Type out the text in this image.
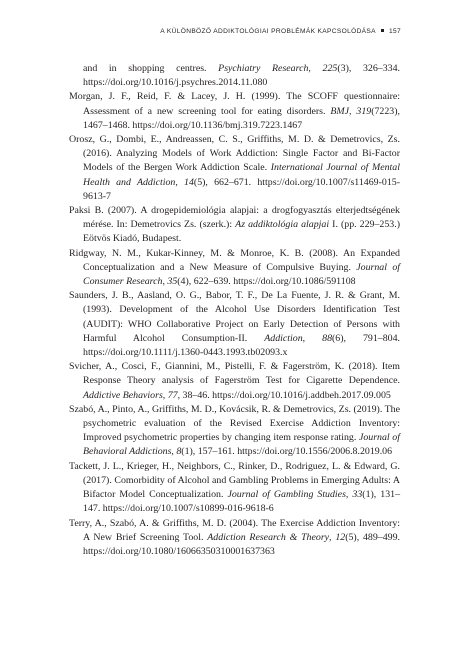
A KÜLÖNBÖZŐ ADDIKTOLÓGIAI PROBLÉMÁK KAPCSOLÓDÁSA 157

and in shopping centres. Psychiatry Research, 225(3), 326–334. https://doi.org/10.1016/j.psychres.2014.11.080

Morgan, J. F., Reid, F. & Lacey, J. H. (1999). The SCOFF questionnaire: Assessment of a new screening tool for eating disorders. BMJ, 319(7223), 1467–1468. https://doi.org/10.1136/bmj.319.7223.1467

Orosz, G., Dombi, E., Andreassen, C. S., Griffiths, M. D. & Demetrovics, Zs. (2016). Analyzing Models of Work Addiction: Single Factor and Bi-Factor Models of the Bergen Work Addiction Scale. International Journal of Mental Health and Addiction, 14(5), 662–671. https://doi.org/10.1007/s11469-015-9613-7

Paksi B. (2007). A drogepidemiológia alapjai: a drogfogyasztás elterjedtségének mérése. In: Demetrovics Zs. (szerk.): Az addiktológia alapjai I. (pp. 229–253.) Eötvös Kiadó, Budapest.

Ridgway, N. M., Kukar-Kinney, M. & Monroe, K. B. (2008). An Expanded Conceptualization and a New Measure of Compulsive Buying. Journal of Consumer Research, 35(4), 622–639. https://doi.org/10.1086/591108

Saunders, J. B., Aasland, O. G., Babor, T. F., De La Fuente, J. R. & Grant, M. (1993). Development of the Alcohol Use Disorders Identification Test (AUDIT): WHO Collaborative Project on Early Detection of Persons with Harmful Alcohol Consumption-II. Addiction, 88(6), 791–804. https://doi.org/10.1111/j.1360-0443.1993.tb02093.x

Svicher, A., Cosci, F., Giannini, M., Pistelli, F. & Fagerström, K. (2018). Item Response Theory analysis of Fagerström Test for Cigarette Dependence. Addictive Behaviors, 77, 38–46. https://doi.org/10.1016/j.addbeh.2017.09.005

Szabó, A., Pinto, A., Griffiths, M. D., Kovácsik, R. & Demetrovics, Zs. (2019). The psychometric evaluation of the Revised Exercise Addiction Inventory: Improved psychometric properties by changing item response rating. Journal of Behavioral Addictions, 8(1), 157–161. https://doi.org/10.1556/2006.8.2019.06

Tackett, J. L., Krieger, H., Neighbors, C., Rinker, D., Rodriguez, L. & Edward, G. (2017). Comorbidity of Alcohol and Gambling Problems in Emerging Adults: A Bifactor Model Conceptualization. Journal of Gambling Studies, 33(1), 131–147. https://doi.org/10.1007/s10899-016-9618-6

Terry, A., Szabó, A. & Griffiths, M. D. (2004). The Exercise Addiction Inventory: A New Brief Screening Tool. Addiction Research & Theory, 12(5), 489–499. https://doi.org/10.1080/16066350310001637363
